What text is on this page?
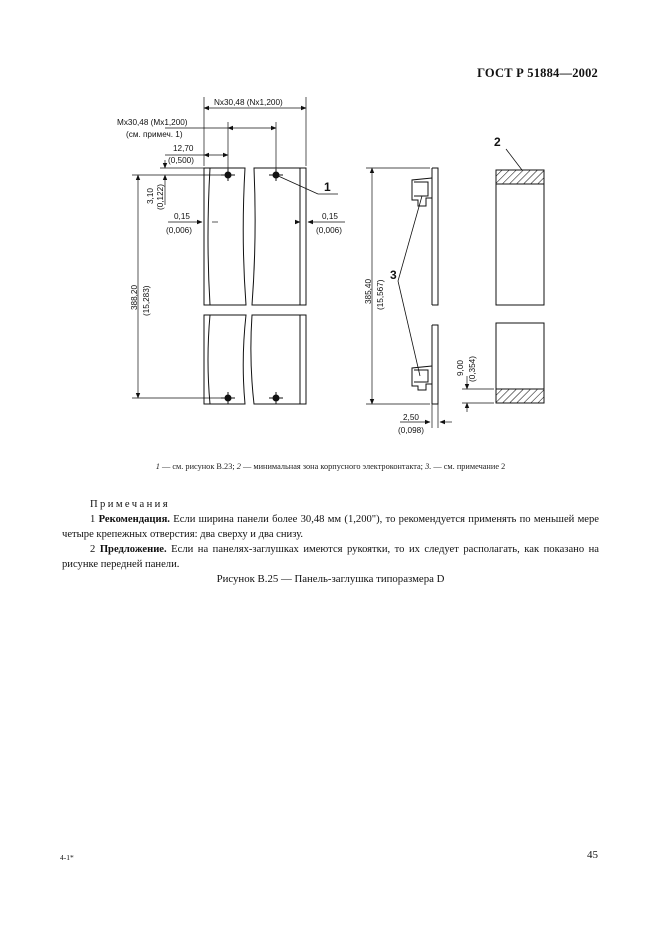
ГОСТ Р 51884—2002
Nx30,48 (Nx1,200)
Mx30,48 (Mx1,200)
(см. примеч. 1)
12,70
(0,500)
0,15
(0,006)
0,15
(0,006)
2,50
(0,098)
3,10 (0,122)
388,20 (15,283)	385,40 (15,567)
9,00 (0,354)
1
2
3
1 — см. рисунок В.23; 2 — минимальная зона корпусного электроконтакта; 3. — см. примечание 2
Примечания

1 Рекомендация. Если ширина панели более 30,48 мм (1,200"), то рекомендуется применять по меньшей мере четыре крепежных отверстия: два сверху и два снизу.

2 Предложение. Если на панелях-заглушках имеются рукоятки, то их следует располагать, как показано на рисунке передней панели.

Рисунок В.25 — Панель-заглушка типоразмера D
4-1*	45
